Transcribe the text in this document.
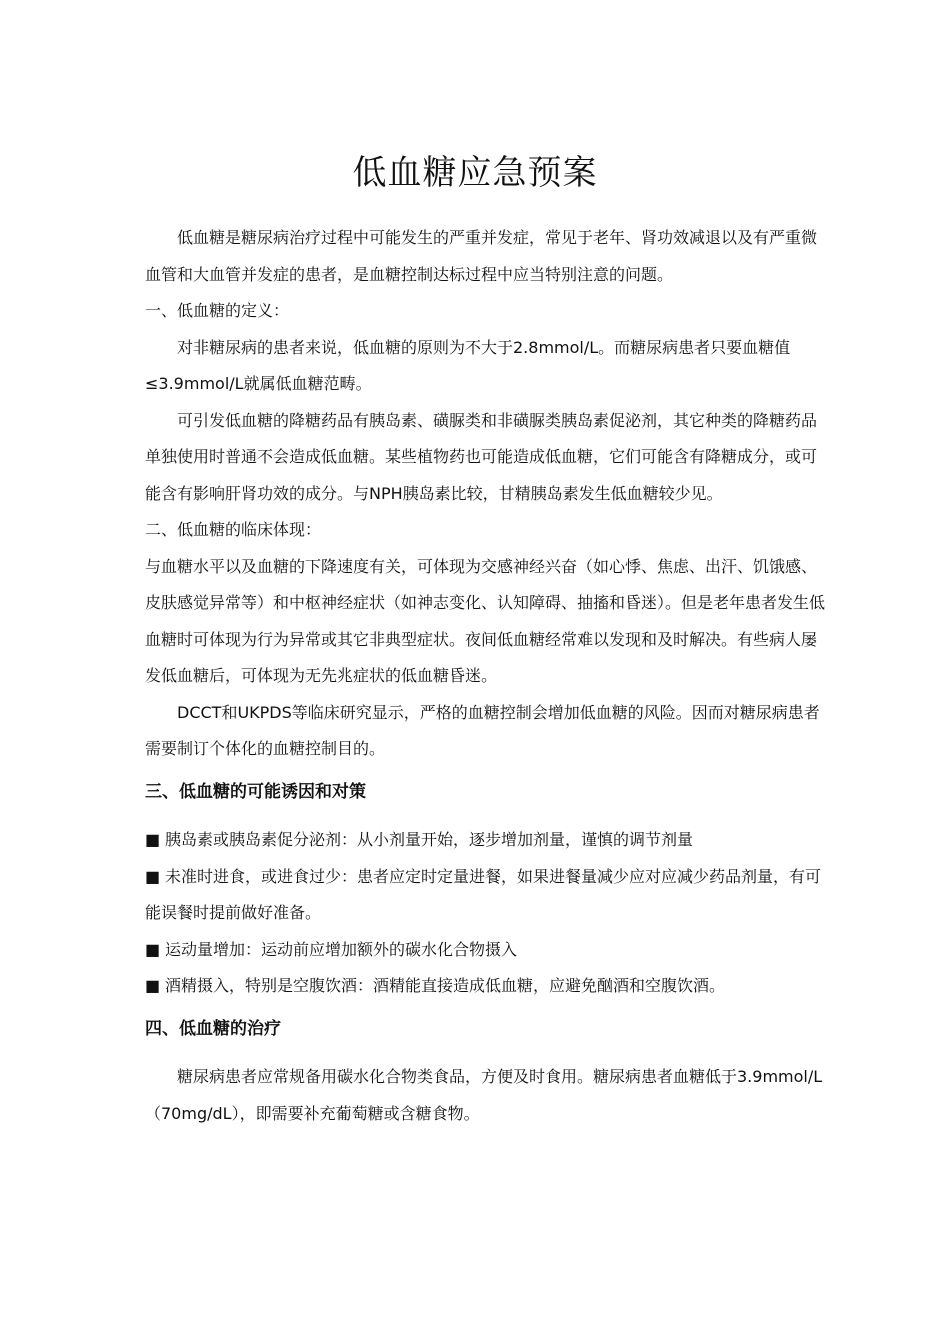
低血糖应急预案

低血糖是糖尿病治疗过程中可能发生的严重并发症，常见于老年、肾功效减退以及有严重微血管和大血管并发症的患者，是血糖控制达标过程中应当特别注意的问题。

一、低血糖的定义：

对非糖尿病的患者来说，低血糖的原则为不大于2.8mmol/L。而糖尿病患者只要血糖值≤3.9mmol/L就属低血糖范畴。

可引发低血糖的降糖药品有胰岛素、磺脲类和非磺脲类胰岛素促泌剂，其它种类的降糖药品单独使用时普通不会造成低血糖。某些植物药也可能造成低血糖，它们可能含有降糖成分，或可能含有影响肝肾功效的成分。与NPH胰岛素比较，甘精胰岛素发生低血糖较少见。

二、低血糖的临床体现：

与血糖水平以及血糖的下降速度有关，可体现为交感神经兴奋（如心悸、焦虑、出汗、饥饿感、皮肤感觉异常等）和中枢神经症状（如神志变化、认知障碍、抽搐和昏迷）。但是老年患者发生低血糖时可体现为行为异常或其它非典型症状。夜间低血糖经常难以发现和及时解决。有些病人屡发低血糖后，可体现为无先兆症状的低血糖昏迷。

DCCT和UKPDS等临床研究显示，严格的血糖控制会增加低血糖的风险。因而对糖尿病患者需要制订个体化的血糖控制目的。

三、低血糖的可能诱因和对策

■ 胰岛素或胰岛素促分泌剂：从小剂量开始，逐步增加剂量，谨慎的调节剂量

■ 未准时进食，或进食过少：患者应定时定量进餐，如果进餐量减少应对应减少药品剂量，有可能误餐时提前做好准备。

■ 运动量增加：运动前应增加额外的碳水化合物摄入

■ 酒精摄入，特别是空腹饮酒：酒精能直接造成低血糖，应避免酗酒和空腹饮酒。

四、低血糖的治疗

糖尿病患者应常规备用碳水化合物类食品，方便及时食用。糖尿病患者血糖低于3.9mmol/L（70mg/dL），即需要补充葡萄糖或含糖食物。
